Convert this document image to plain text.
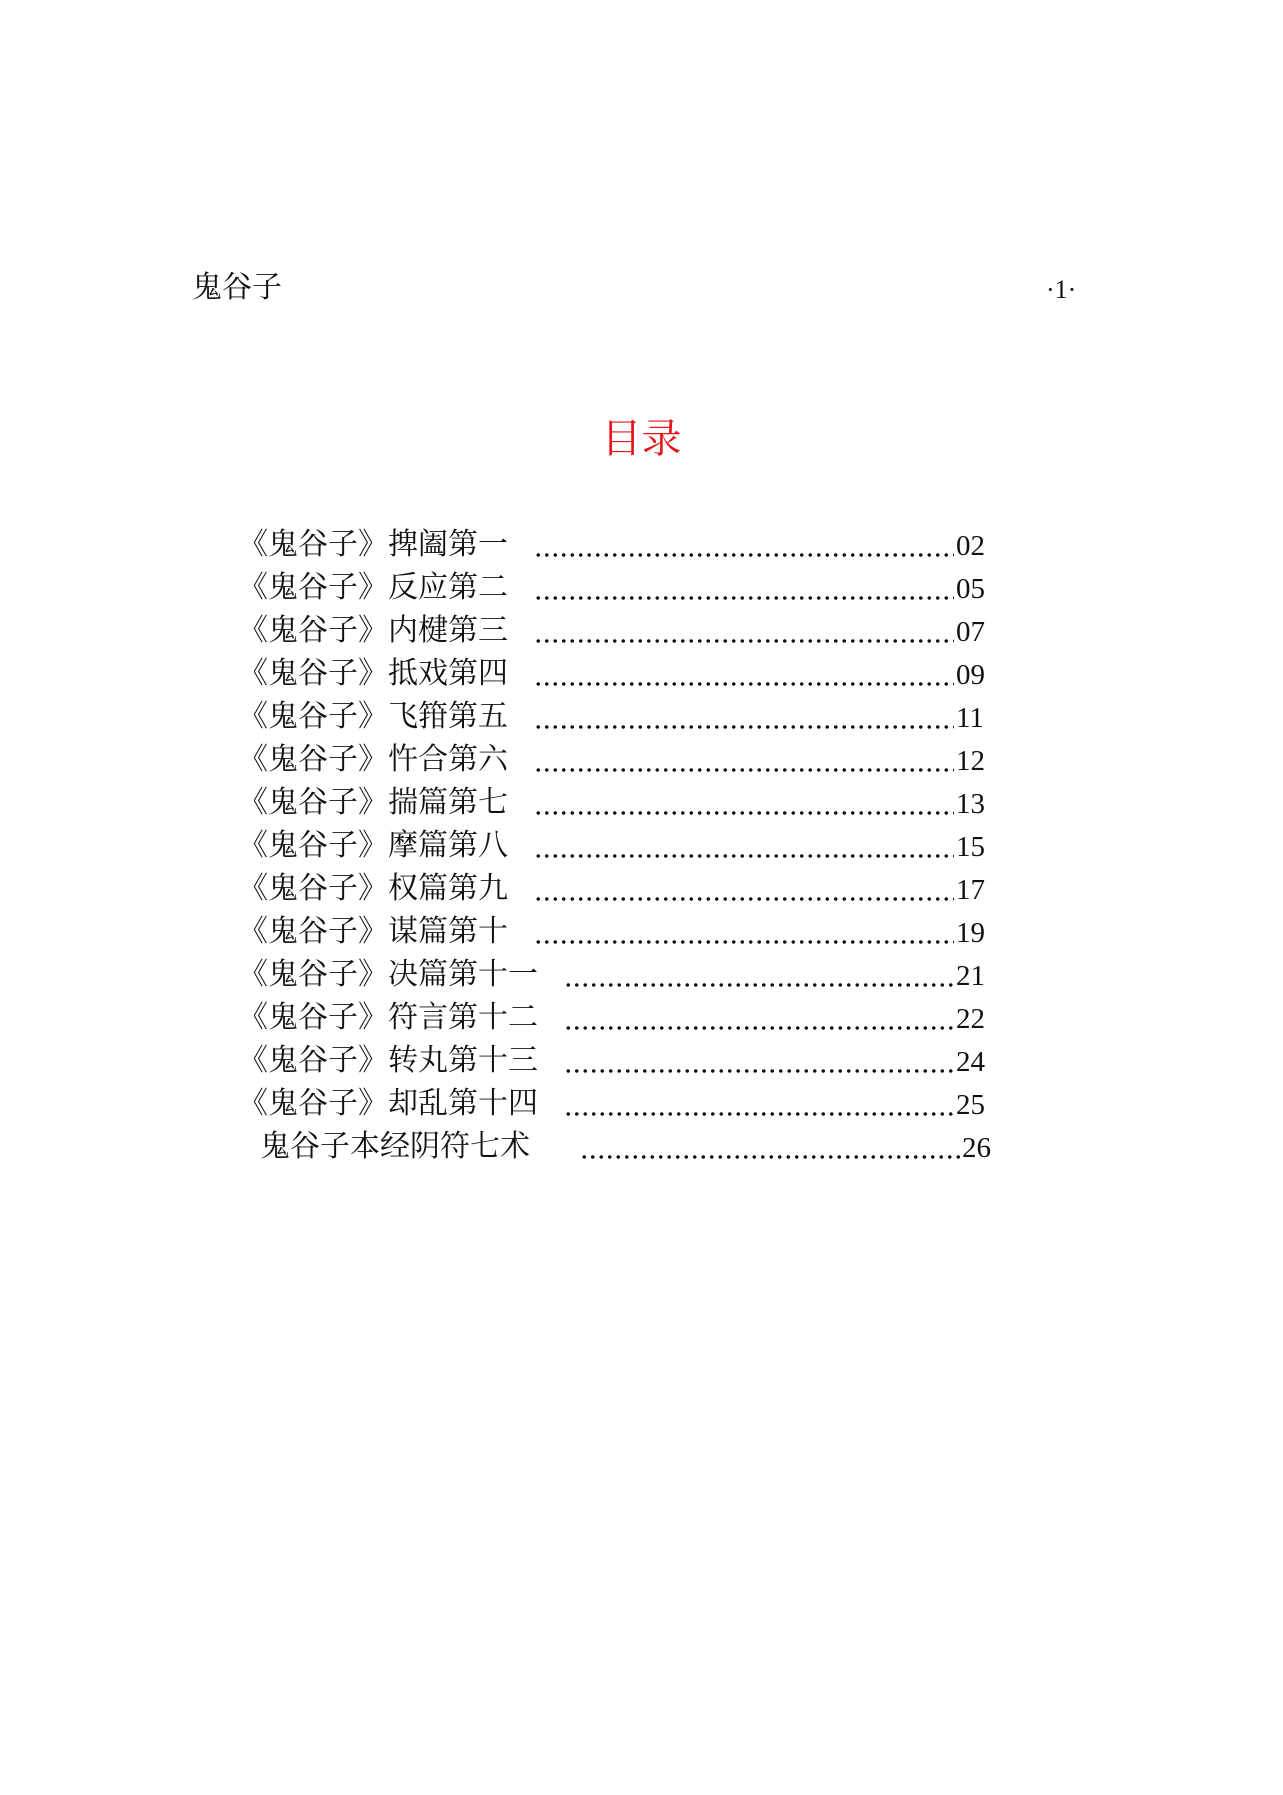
鬼谷子	·1·
目录
《鬼谷子》捭阖第一	02
《鬼谷子》反应第二	05
《鬼谷子》内楗第三	07
《鬼谷子》抵戏第四	09
《鬼谷子》飞箝第五	11
《鬼谷子》忤合第六	12
《鬼谷子》揣篇第七	13
《鬼谷子》摩篇第八	15
《鬼谷子》权篇第九	17
《鬼谷子》谋篇第十	19
《鬼谷子》决篇第十一	21
《鬼谷子》符言第十二	22
《鬼谷子》转丸第十三	24
《鬼谷子》却乱第十四	25
鬼谷子本经阴符七术	26
